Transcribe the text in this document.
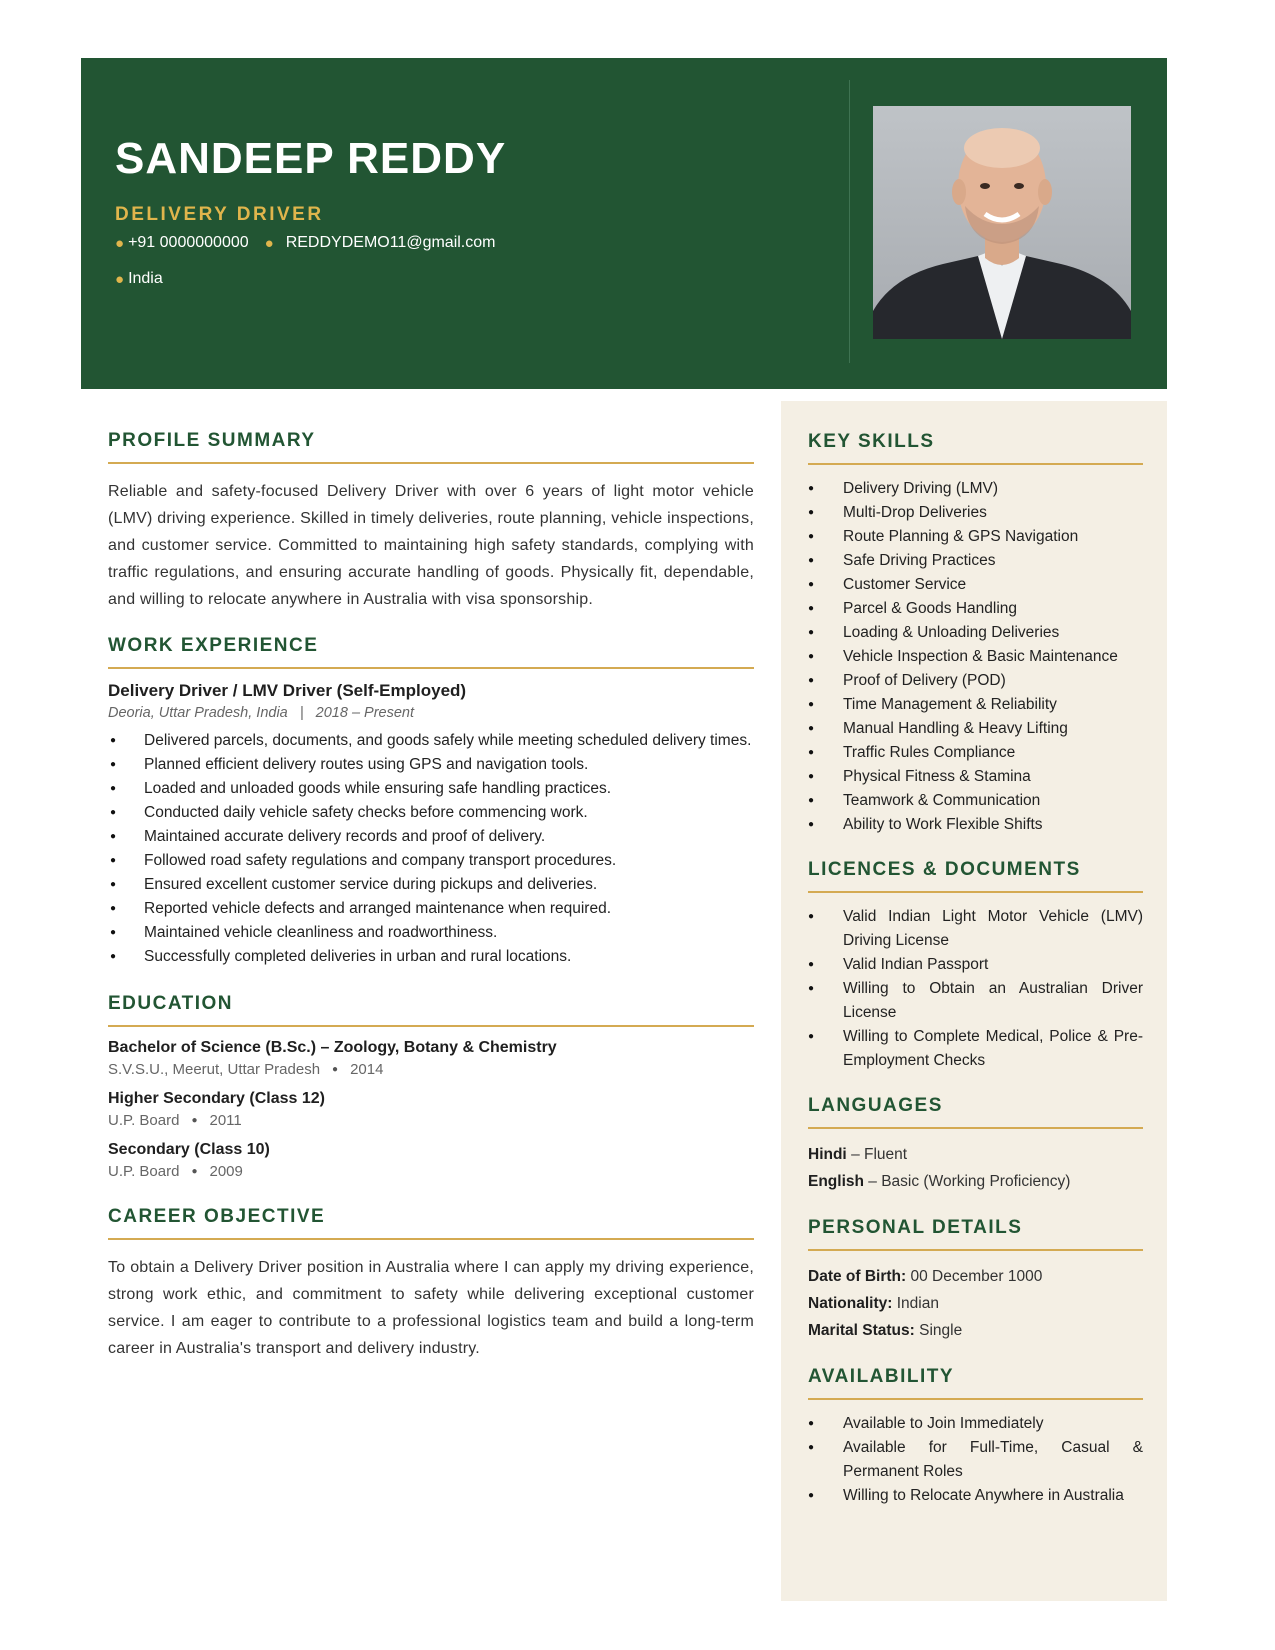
SANDEEP REDDY
DELIVERY DRIVER
● +91 0000000000 ● REDDYDEMO11@gmail.com
● India
PROFILE SUMMARY

Reliable and safety-focused Delivery Driver with over 6 years of light motor vehicle (LMV) driving experience. Skilled in timely deliveries, route planning, vehicle inspections, and customer service. Committed to maintaining high safety standards, complying with traffic regulations, and ensuring accurate handling of goods. Physically fit, dependable, and willing to relocate anywhere in Australia with visa sponsorship.

WORK EXPERIENCE
Delivery Driver / LMV Driver (Self-Employed)
Deoria, Uttar Pradesh, India   |   2018 – Present
● Delivered parcels, documents, and goods safely while meeting scheduled delivery times.
● Planned efficient delivery routes using GPS and navigation tools.
● Loaded and unloaded goods while ensuring safe handling practices.
● Conducted daily vehicle safety checks before commencing work.
● Maintained accurate delivery records and proof of delivery.
● Followed road safety regulations and company transport procedures.
● Ensured excellent customer service during pickups and deliveries.
● Reported vehicle defects and arranged maintenance when required.
● Maintained vehicle cleanliness and roadworthiness.
● Successfully completed deliveries in urban and rural locations.
EDUCATION
Bachelor of Science (B.Sc.) – Zoology, Botany & Chemistry
S.V.S.U., Meerut, Uttar Pradesh ● 2014
Higher Secondary (Class 12)
U.P. Board ● 2011
Secondary (Class 10)
U.P. Board ● 2009
CAREER OBJECTIVE

To obtain a Delivery Driver position in Australia where I can apply my driving experience, strong work ethic, and commitment to safety while delivering exceptional customer service. I am eager to contribute to a professional logistics team and build a long-term career in Australia's transport and delivery industry.

KEY SKILLS
● Delivery Driving (LMV)
● Multi-Drop Deliveries
● Route Planning & GPS Navigation
● Safe Driving Practices
● Customer Service
● Parcel & Goods Handling
● Loading & Unloading Deliveries
● Vehicle Inspection & Basic Maintenance
● Proof of Delivery (POD)
● Time Management & Reliability
● Manual Handling & Heavy Lifting
● Traffic Rules Compliance
● Physical Fitness & Stamina
● Teamwork & Communication
● Ability to Work Flexible Shifts
LICENCES & DOCUMENTS
● Valid Indian Light Motor Vehicle (LMV) Driving License
● Valid Indian Passport
● Willing to Obtain an Australian Driver License
● Willing to Complete Medical, Police & Pre-Employment Checks
LANGUAGES
Hindi – Fluent
English – Basic (Working Proficiency)
PERSONAL DETAILS
Date of Birth: 00 December 1000
Nationality: Indian
Marital Status: Single
AVAILABILITY
● Available to Join Immediately
● Available for Full-Time, Casual & Permanent Roles
● Willing to Relocate Anywhere in Australia
